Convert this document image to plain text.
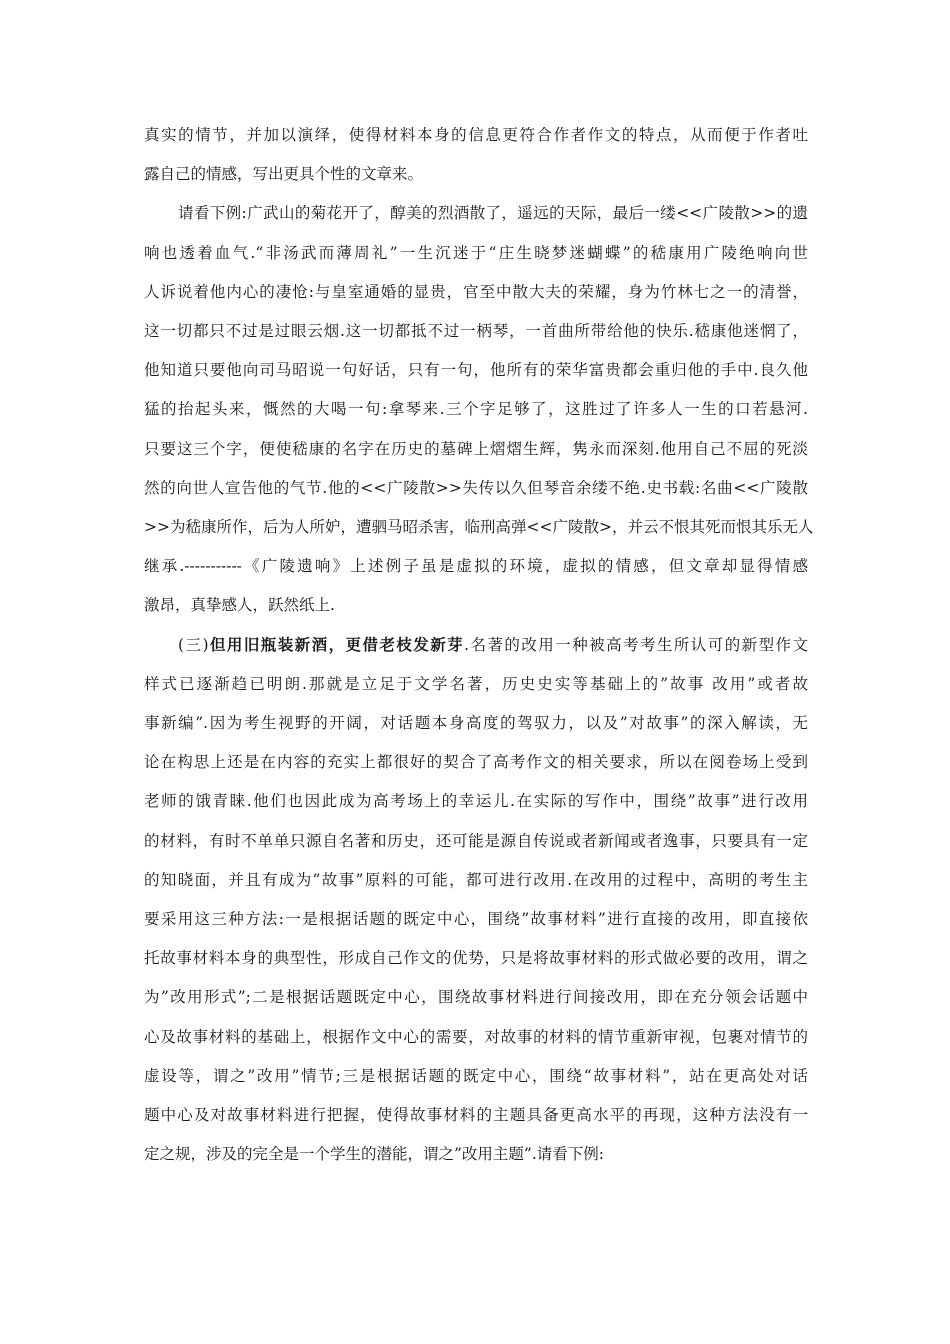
真实的情节，并加以演绎，使得材料本身的信息更符合作者作文的特点，从而便于作者吐
露自己的情感，写出更具个性的文章来。
请看下例:广武山的菊花开了，醇美的烈酒散了，遥远的天际，最后一缕<<广陵散>>的遗
响也透着血气.“非汤武而薄周礼”一生沉迷于“庄生晓梦迷蝴蝶”的嵇康用广陵绝响向世
人诉说着他内心的凄怆:与皇室通婚的显贵，官至中散大夫的荣耀，身为竹林七之一的清誉，
这一切都只不过是过眼云烟.这一切都抵不过一柄琴，一首曲所带给他的快乐.嵇康他迷惘了，
他知道只要他向司马昭说一句好话，只有一句，他所有的荣华富贵都会重归他的手中.良久他
猛的抬起头来，慨然的大喝一句:拿琴来.三个字足够了，这胜过了许多人一生的口若悬河.
只要这三个字，便使嵇康的名字在历史的墓碑上熠熠生辉，隽永而深刻.他用自己不屈的死淡
然的向世人宣告他的气节.他的<<广陵散>>失传以久但琴音余缕不绝.史书载:名曲<<广陵散
>>为嵇康所作，后为人所妒，遭驷马昭杀害，临刑高弹<<广陵散>，并云不恨其死而恨其乐无人
继承.-----------《广陵遗响》上述例子虽是虚拟的环境，虚拟的情感，但文章却显得情感
激昂，真挚感人，跃然纸上.
(三)但用旧瓶装新酒，更借老枝发新芽.名著的改用一种被高考考生所认可的新型作文
样式已逐渐趋已明朗.那就是立足于文学名著，历史史实等基础上的”故事 改用”或者故
事新编”.因为考生视野的开阔，对话题本身高度的驾驭力，以及”对故事”的深入解读，无
论在构思上还是在内容的充实上都很好的契合了高考作文的相关要求，所以在阅卷场上受到
老师的饿青睐.他们也因此成为高考场上的幸运儿.在实际的写作中，围绕”故事”进行改用
的材料，有时不单单只源自名著和历史，还可能是源自传说或者新闻或者逸事，只要具有一定
的知晓面，并且有成为”故事”原料的可能，都可进行改用.在改用的过程中，高明的考生主
要采用这三种方法:一是根据话题的既定中心，围绕”故事材料”进行直接的改用，即直接依
托故事材料本身的典型性，形成自己作文的优势，只是将故事材料的形式做必要的改用，谓之
为”改用形式”;二是根据话题既定中心，围绕故事材料进行间接改用，即在充分领会话题中
心及故事材料的基础上，根据作文中心的需要，对故事的材料的情节重新审视，包裹对情节的
虚设等，谓之”改用”情节;三是根据话题的既定中心，围绕“故事材料”，站在更高处对话
题中心及对故事材料进行把握，使得故事材料的主题具备更高水平的再现，这种方法没有一
定之规，涉及的完全是一个学生的潜能，谓之”改用主题”.请看下例:
